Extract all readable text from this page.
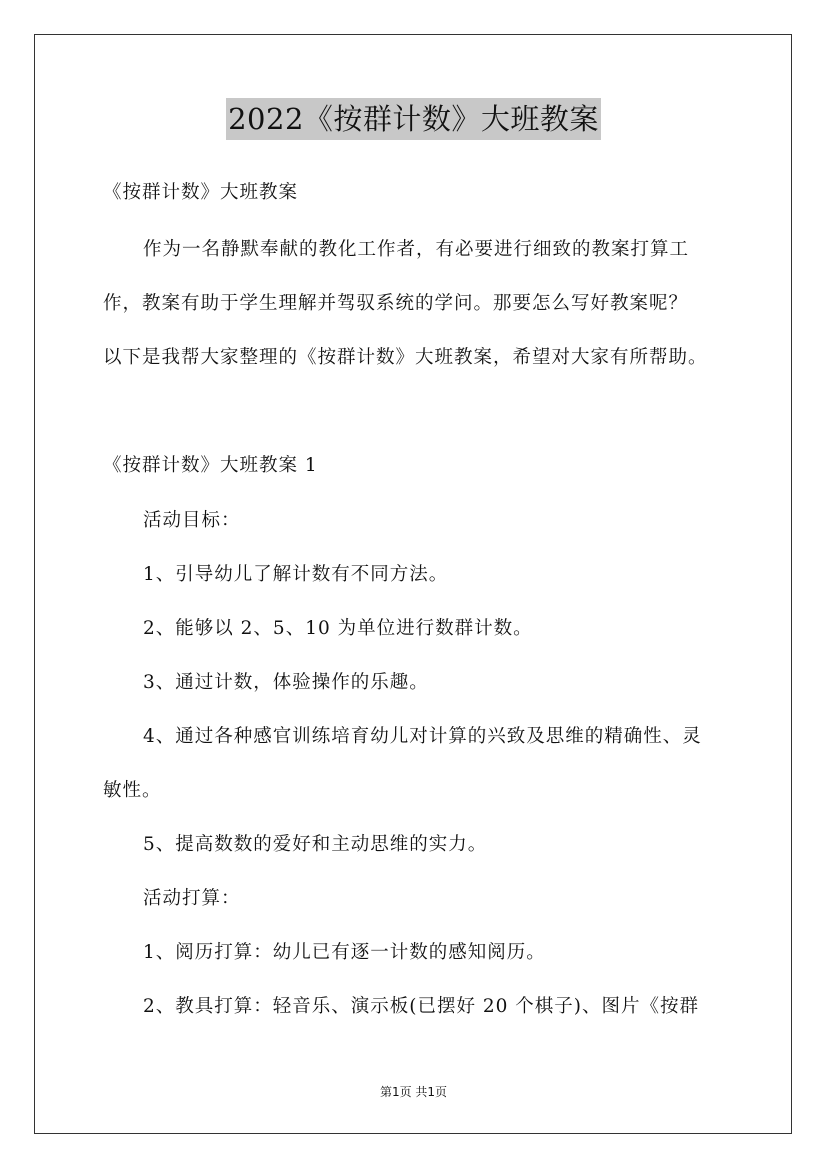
2022《按群计数》大班教案
《按群计数》大班教案
作为一名静默奉献的教化工作者，有必要进行细致的教案打算工
作，教案有助于学生理解并驾驭系统的学问。那要怎么写好教案呢？
以下是我帮大家整理的《按群计数》大班教案，希望对大家有所帮助。
《按群计数》大班教案 1
活动目标：
1、引导幼儿了解计数有不同方法。
2、能够以 2、5、10 为单位进行数群计数。
3、通过计数，体验操作的乐趣。
4、通过各种感官训练培育幼儿对计算的兴致及思维的精确性、灵
敏性。
5、提高数数的爱好和主动思维的实力。
活动打算：
1、阅历打算：幼儿已有逐一计数的感知阅历。
2、教具打算：轻音乐、演示板(已摆好 20 个棋子)、图片《按群
第1页 共1页
